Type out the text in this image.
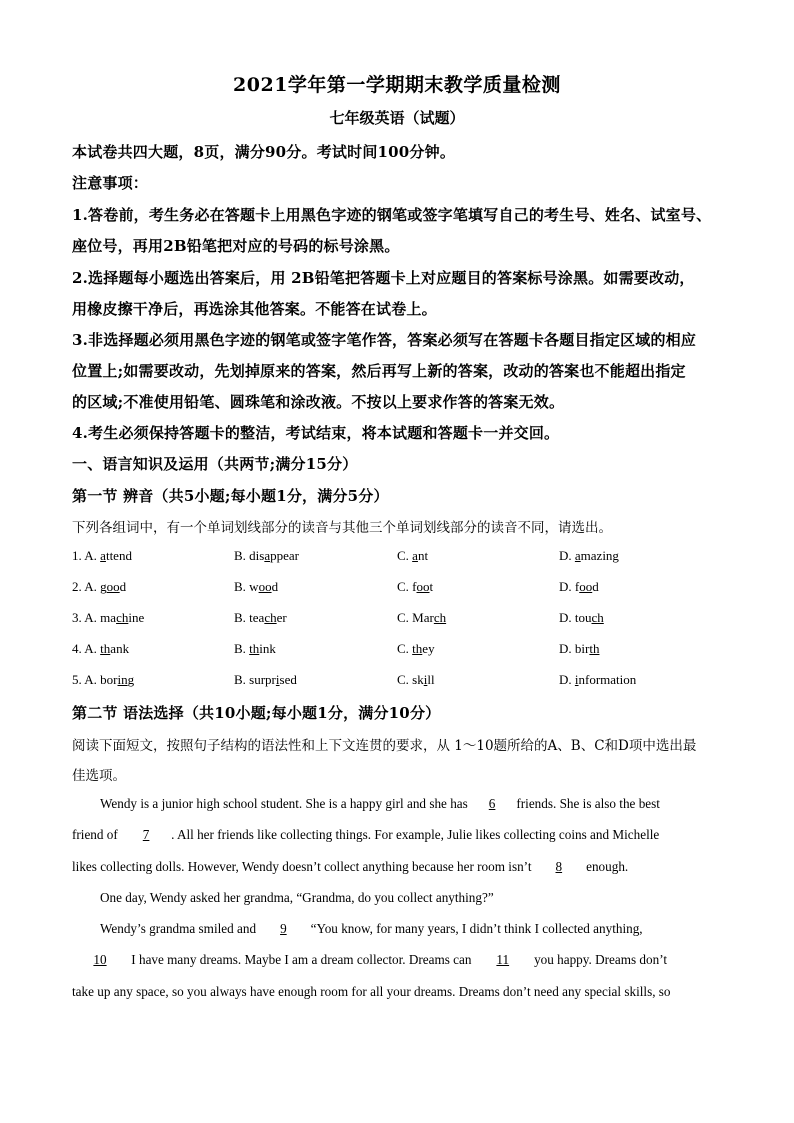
2021学年第一学期期末教学质量检测
七年级英语（试题）
本试卷共四大题，8页，满分90分。考试时间100分钟。
注意事项：
1.答卷前，考生务必在答题卡上用黑色字迹的钢笔或签字笔填写自己的考生号、姓名、试室号、
座位号，再用2B铅笔把对应的号码的标号涂黑。
2.选择题每小题选出答案后，用 2B铅笔把答题卡上对应题目的答案标号涂黑。如需要改动，
用橡皮擦干净后，再选涂其他答案。不能答在试卷上。
3.非选择题必须用黑色字迹的钢笔或签字笔作答，答案必须写在答题卡各题目指定区域的相应
位置上;如需要改动，先划掉原来的答案，然后再写上新的答案，改动的答案也不能超出指定
的区域;不准使用铅笔、圆珠笔和涂改液。不按以上要求作答的答案无效。
4.考生必须保持答题卡的整洁，考试结束，将本试题和答题卡一并交回。
一、语言知识及运用（共两节;满分15分）
第一节 辨音（共5小题;每小题1分，满分5分）
下列各组词中，有一个单词划线部分的读音与其他三个单词划线部分的读音不同，请选出。
1. A. attend	B. disappear	C. ant	D. amazing
2. A. good	B. wood	C. foot	D. food
3. A. machine	B. teacher	C. March	D. touch
4. A. thank	B. think	C. they	D. birth
5. A. boring	B. surprised	C. skill	D. information
第二节 语法选择（共10小题;每小题1分，满分10分）
阅读下面短文，按照句子结构的语法性和上下文连贯的要求，从 1～10题所给的A、B、C和D项中选出最
佳选项。
Wendy is a junior high school student. She is a happy girl and she has 6 friends. She is also the best
friend of 7 . All her friends like collecting things. For example, Julie likes collecting coins and Michelle
likes collecting dolls. However, Wendy doesn’t collect anything because her room isn’t 8 enough.
One day, Wendy asked her grandma, “Grandma, do you collect anything?”
Wendy’s grandma smiled and 9 “You know, for many years, I didn’t think I collected anything,
10 I have many dreams. Maybe I am a dream collector. Dreams can 11 you happy. Dreams don’t
take up any space, so you always have enough room for all your dreams. Dreams don’t need any special skills, so
